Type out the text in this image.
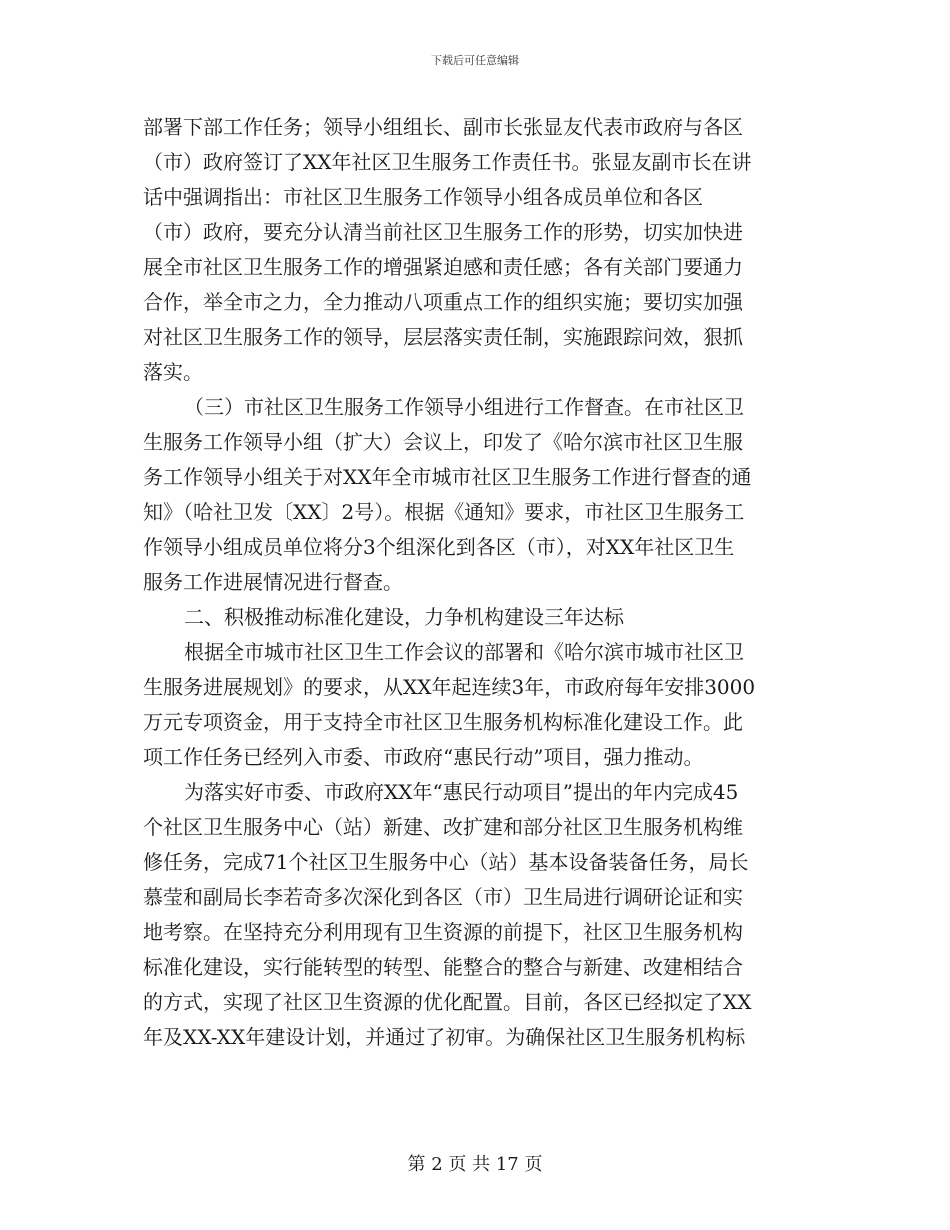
下载后可任意编辑
部署下部工作任务；领导小组组长、副市长张显友代表市政府与各区
（市）政府签订了XX年社区卫生服务工作责任书。张显友副市长在讲
话中强调指出：市社区卫生服务工作领导小组各成员单位和各区
（市）政府，要充分认清当前社区卫生服务工作的形势，切实加快进
展全市社区卫生服务工作的增强紧迫感和责任感；各有关部门要通力
合作，举全市之力，全力推动八项重点工作的组织实施；要切实加强
对社区卫生服务工作的领导，层层落实责任制，实施跟踪问效，狠抓
落实。
（三）市社区卫生服务工作领导小组进行工作督查。在市社区卫
生服务工作领导小组（扩大）会议上，印发了《哈尔滨市社区卫生服
务工作领导小组关于对XX年全市城市社区卫生服务工作进行督查的通
知》（哈社卫发〔XX〕2号）。根据《通知》要求，市社区卫生服务工
作领导小组成员单位将分3个组深化到各区（市），对XX年社区卫生
服务工作进展情况进行督查。
二、积极推动标准化建设，力争机构建设三年达标
根据全市城市社区卫生工作会议的部署和《哈尔滨市城市社区卫
生服务进展规划》的要求，从XX年起连续3年，市政府每年安排3000
万元专项资金，用于支持全市社区卫生服务机构标准化建设工作。此
项工作任务已经列入市委、市政府“惠民行动”项目，强力推动。
为落实好市委、市政府XX年“惠民行动项目”提出的年内完成45
个社区卫生服务中心（站）新建、改扩建和部分社区卫生服务机构维
修任务，完成71个社区卫生服务中心（站）基本设备装备任务，局长
慕莹和副局长李若奇多次深化到各区（市）卫生局进行调研论证和实
地考察。在坚持充分利用现有卫生资源的前提下，社区卫生服务机构
标准化建设，实行能转型的转型、能整合的整合与新建、改建相结合
的方式，实现了社区卫生资源的优化配置。目前，各区已经拟定了XX
年及XX-XX年建设计划，并通过了初审。为确保社区卫生服务机构标
第 2 页 共 17 页
